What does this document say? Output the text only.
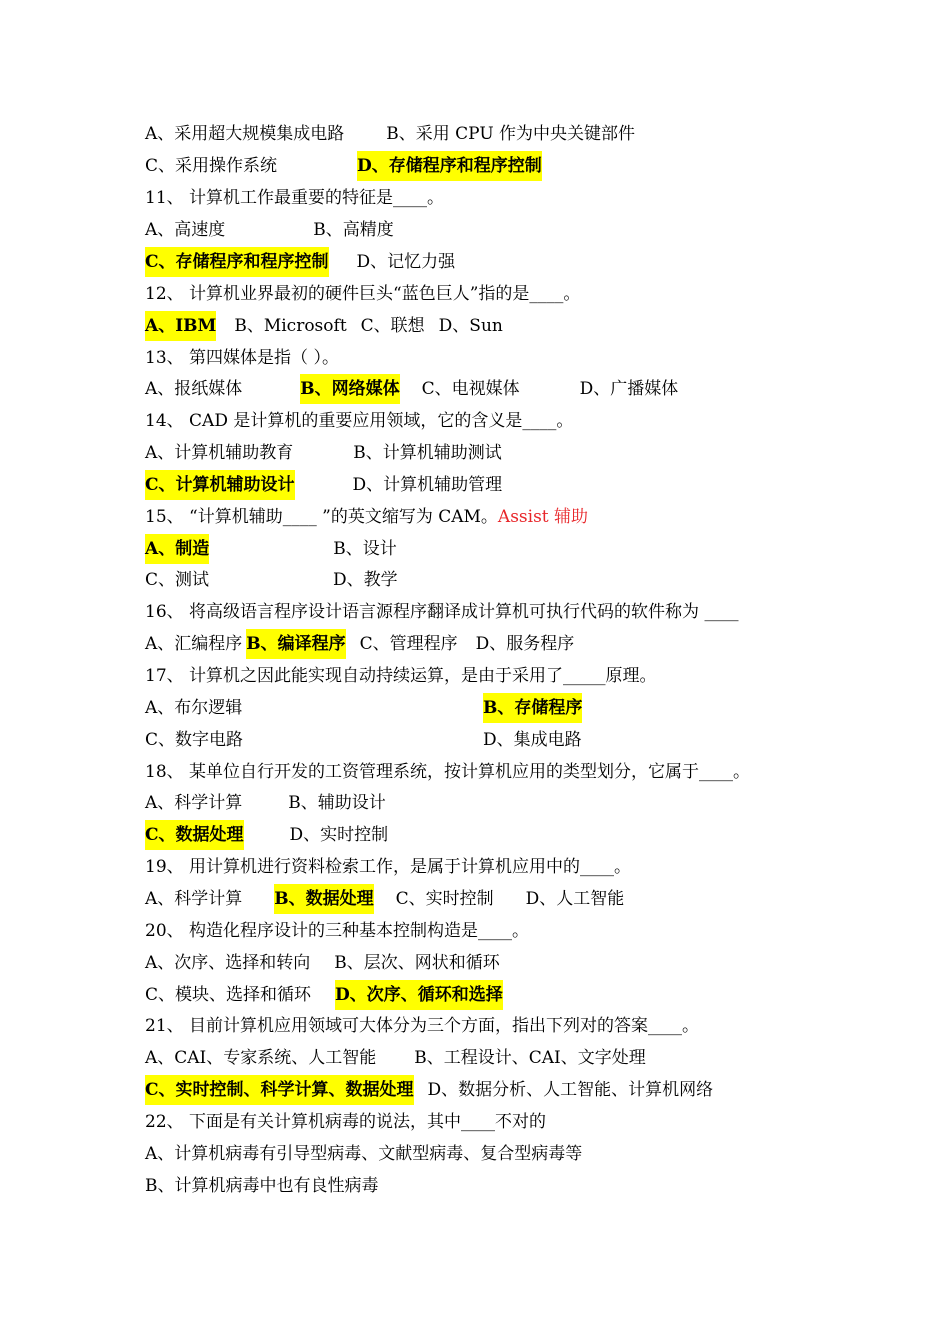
A、采用超大规模集成电路 B、采用 CPU 作为中央关键部件
C、采用操作系统	D、存储程序和程序控制
11、 计算机工作最重要的特征是____。
A、高速度	B、高精度
C、存储程序和程序控制 D、记忆力强
12、 计算机业界最初的硬件巨头“蓝色巨人”指的是____。
A、IBM B、Microsoft C、联想 D、Sun
13、 第四媒体是指（ ）。
A、报纸媒体	B、网络媒体 C、电视媒体	D、广播媒体
14、 CAD 是计算机的重要应用领域，它的含义是____。
A、计算机辅助教育	B、计算机辅助测试
C、计算机辅助设计	D、计算机辅助管理
15、 “计算机辅助____ ”的英文缩写为 CAM。Assist 辅助
A、制造	B、设计
C、测试	D、教学
16、 将高级语言程序设计语言源程序翻译成计算机可执行代码的软件称为 ____
A、汇编程序 B、编译程序 C、管理程序 D、服务程序
17、 计算机之因此能实现自动持续运算，是由于采用了_____原理。
A、布尔逻辑	B、存储程序
C、数字电路	D、集成电路
18、 某单位自行开发的工资管理系统，按计算机应用的类型划分，它属于____。
A、科学计算	B、辅助设计
C、数据处理	D、实时控制
19、 用计算机进行资料检索工作，是属于计算机应用中的____。
A、科学计算 B、数据处理 C、实时控制 D、人工智能
20、 构造化程序设计的三种基本控制构造是____。
A、次序、选择和转向 B、层次、网状和循环
C、模块、选择和循环 D、次序、循环和选择
21、 目前计算机应用领域可大体分为三个方面，指出下列对的答案____。
A、CAI、专家系统、人工智能 B、工程设计、CAI、文字处理
C、实时控制、科学计算、数据处理 D、数据分析、人工智能、计算机网络
22、 下面是有关计算机病毒的说法，其中____不对的
A、计算机病毒有引导型病毒、文献型病毒、复合型病毒等
B、计算机病毒中也有良性病毒
